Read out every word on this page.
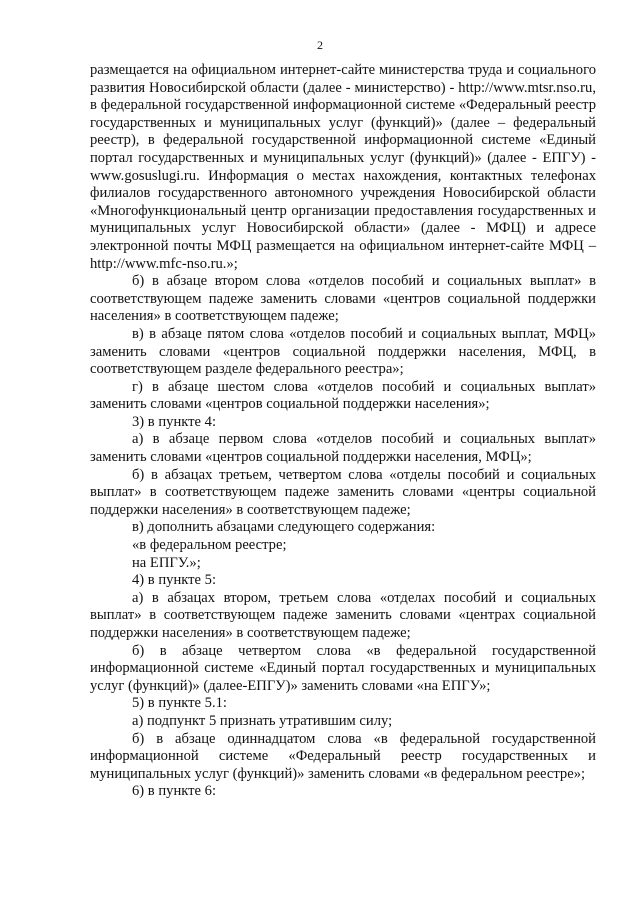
2

размещается на официальном интернет-сайте министерства труда и социального развития Новосибирской области (далее - министерство) - http://www.mtsr.nso.ru, в федеральной государственной информационной системе «Федеральный реестр государственных и муниципальных услуг (функций)» (далее – федеральный реестр), в федеральной государственной информационной системе «Единый портал государственных и муниципальных услуг (функций)» (далее - ЕПГУ) - www.gosuslugi.ru. Информация о местах нахождения, контактных телефонах филиалов государственного автономного учреждения Новосибирской области «Многофункциональный центр организации предоставления государственных и муниципальных услуг Новосибирской области» (далее - МФЦ) и адресе электронной почты МФЦ размещается на официальном интернет-сайте МФЦ – http://www.mfc-nso.ru.»;

б) в абзаце втором слова «отделов пособий и социальных выплат» в соответствующем падеже заменить словами «центров социальной поддержки населения» в соответствующем падеже;

в) в абзаце пятом слова «отделов пособий и социальных выплат, МФЦ» заменить словами «центров социальной поддержки населения, МФЦ, в соответствующем разделе федерального реестра»;

г) в абзаце шестом слова «отделов пособий и социальных выплат» заменить словами «центров социальной поддержки населения»;

3) в пункте 4:

а) в абзаце первом слова «отделов пособий и социальных выплат» заменить словами «центров социальной поддержки населения, МФЦ»;

б) в абзацах третьем, четвертом слова «отделы пособий и социальных выплат» в соответствующем падеже заменить словами «центры социальной поддержки населения» в соответствующем падеже;

в) дополнить абзацами следующего содержания:

«в федеральном реестре;

на ЕПГУ.»;

4) в пункте 5:

а) в абзацах втором, третьем слова «отделах пособий и социальных выплат» в соответствующем падеже заменить словами «центрах социальной поддержки населения» в соответствующем падеже;

б) в абзаце четвертом слова «в федеральной государственной информационной системе «Единый портал государственных и муниципальных услуг (функций)» (далее-ЕПГУ)» заменить словами «на ЕПГУ»;

5) в пункте 5.1:

а) подпункт 5 признать утратившим силу;

б) в абзаце одиннадцатом слова «в федеральной государственной информационной системе «Федеральный реестр государственных и муниципальных услуг (функций)» заменить словами «в федеральном реестре»;

6) в пункте 6:
